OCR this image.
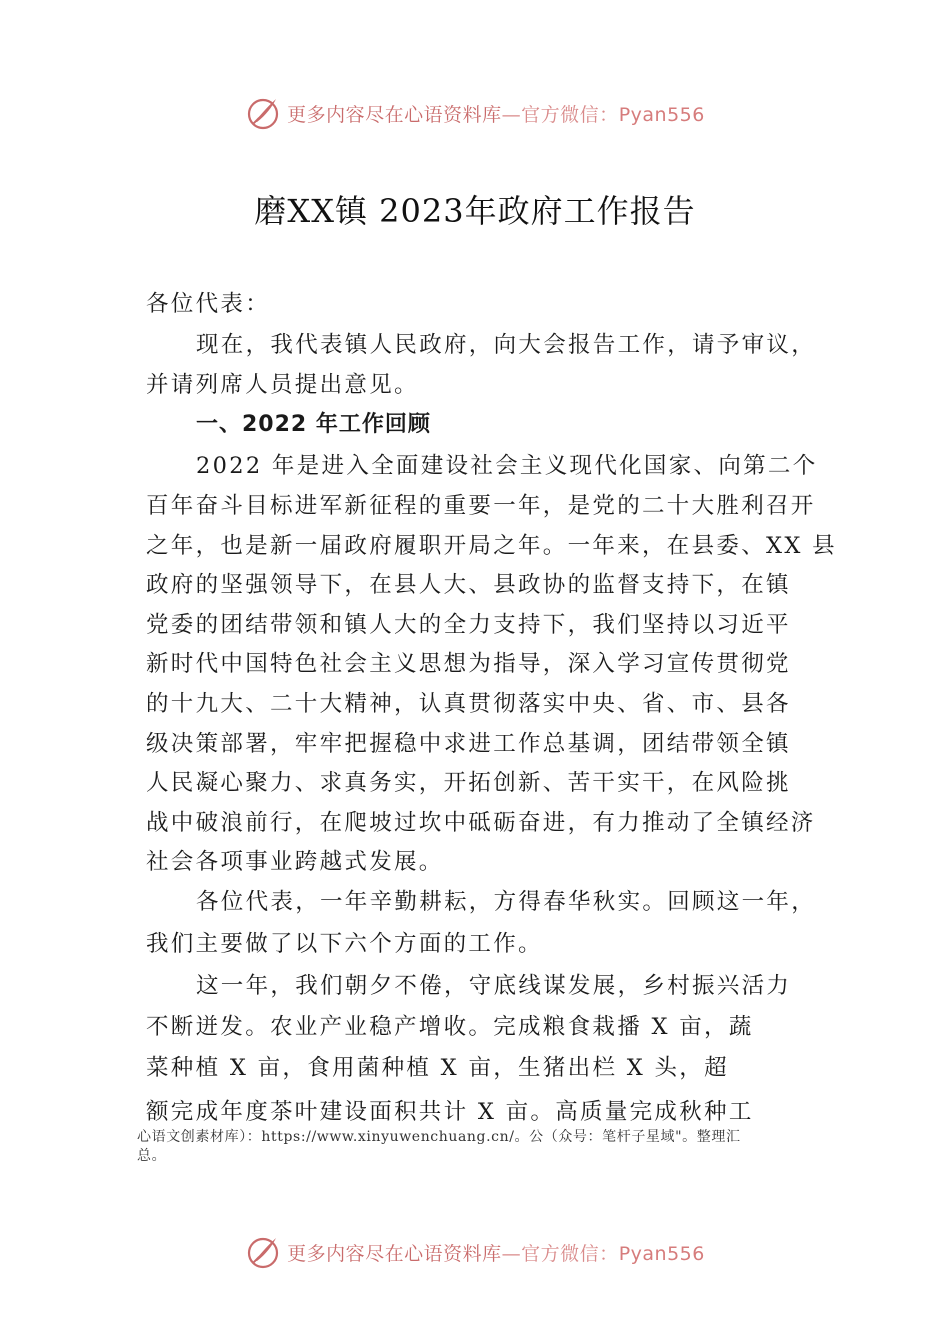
更多内容尽在心语资料库—官方微信：Pyan556
磨XX镇 2023年政府工作报告
各位代表：
现在，我代表镇人民政府，向大会报告工作，请予审议，
并请列席人员提出意见。
一、2022 年工作回顾
2022 年是进入全面建设社会主义现代化国家、向第二个
百年奋斗目标进军新征程的重要一年，是党的二十大胜利召开
之年，也是新一届政府履职开局之年。一年来，在县委、XX 县
政府的坚强领导下，在县人大、县政协的监督支持下，在镇
党委的团结带领和镇人大的全力支持下，我们坚持以习近平
新时代中国特色社会主义思想为指导，深入学习宣传贯彻党
的十九大、二十大精神，认真贯彻落实中央、省、市、县各
级决策部署，牢牢把握稳中求进工作总基调，团结带领全镇
人民凝心聚力、求真务实，开拓创新、苦干实干，在风险挑
战中破浪前行，在爬坡过坎中砥砺奋进，有力推动了全镇经济
社会各项事业跨越式发展。
各位代表，一年辛勤耕耘，方得春华秋实。回顾这一年，
我们主要做了以下六个方面的工作。
这一年，我们朝夕不倦，守底线谋发展，乡村振兴活力
不断迸发。农业产业稳产增收。完成粮食栽播 X 亩，蔬
菜种植 X 亩，食用菌种植 X 亩，生猪出栏 X 头，超
额完成年度茶叶建设面积共计 X 亩。高质量完成秋种工
心语文创素材库）：https://www.xinyuwenchuang.cn/。公（众号：笔杆子星域"。整理汇
总。
更多内容尽在心语资料库—官方微信：Pyan556
